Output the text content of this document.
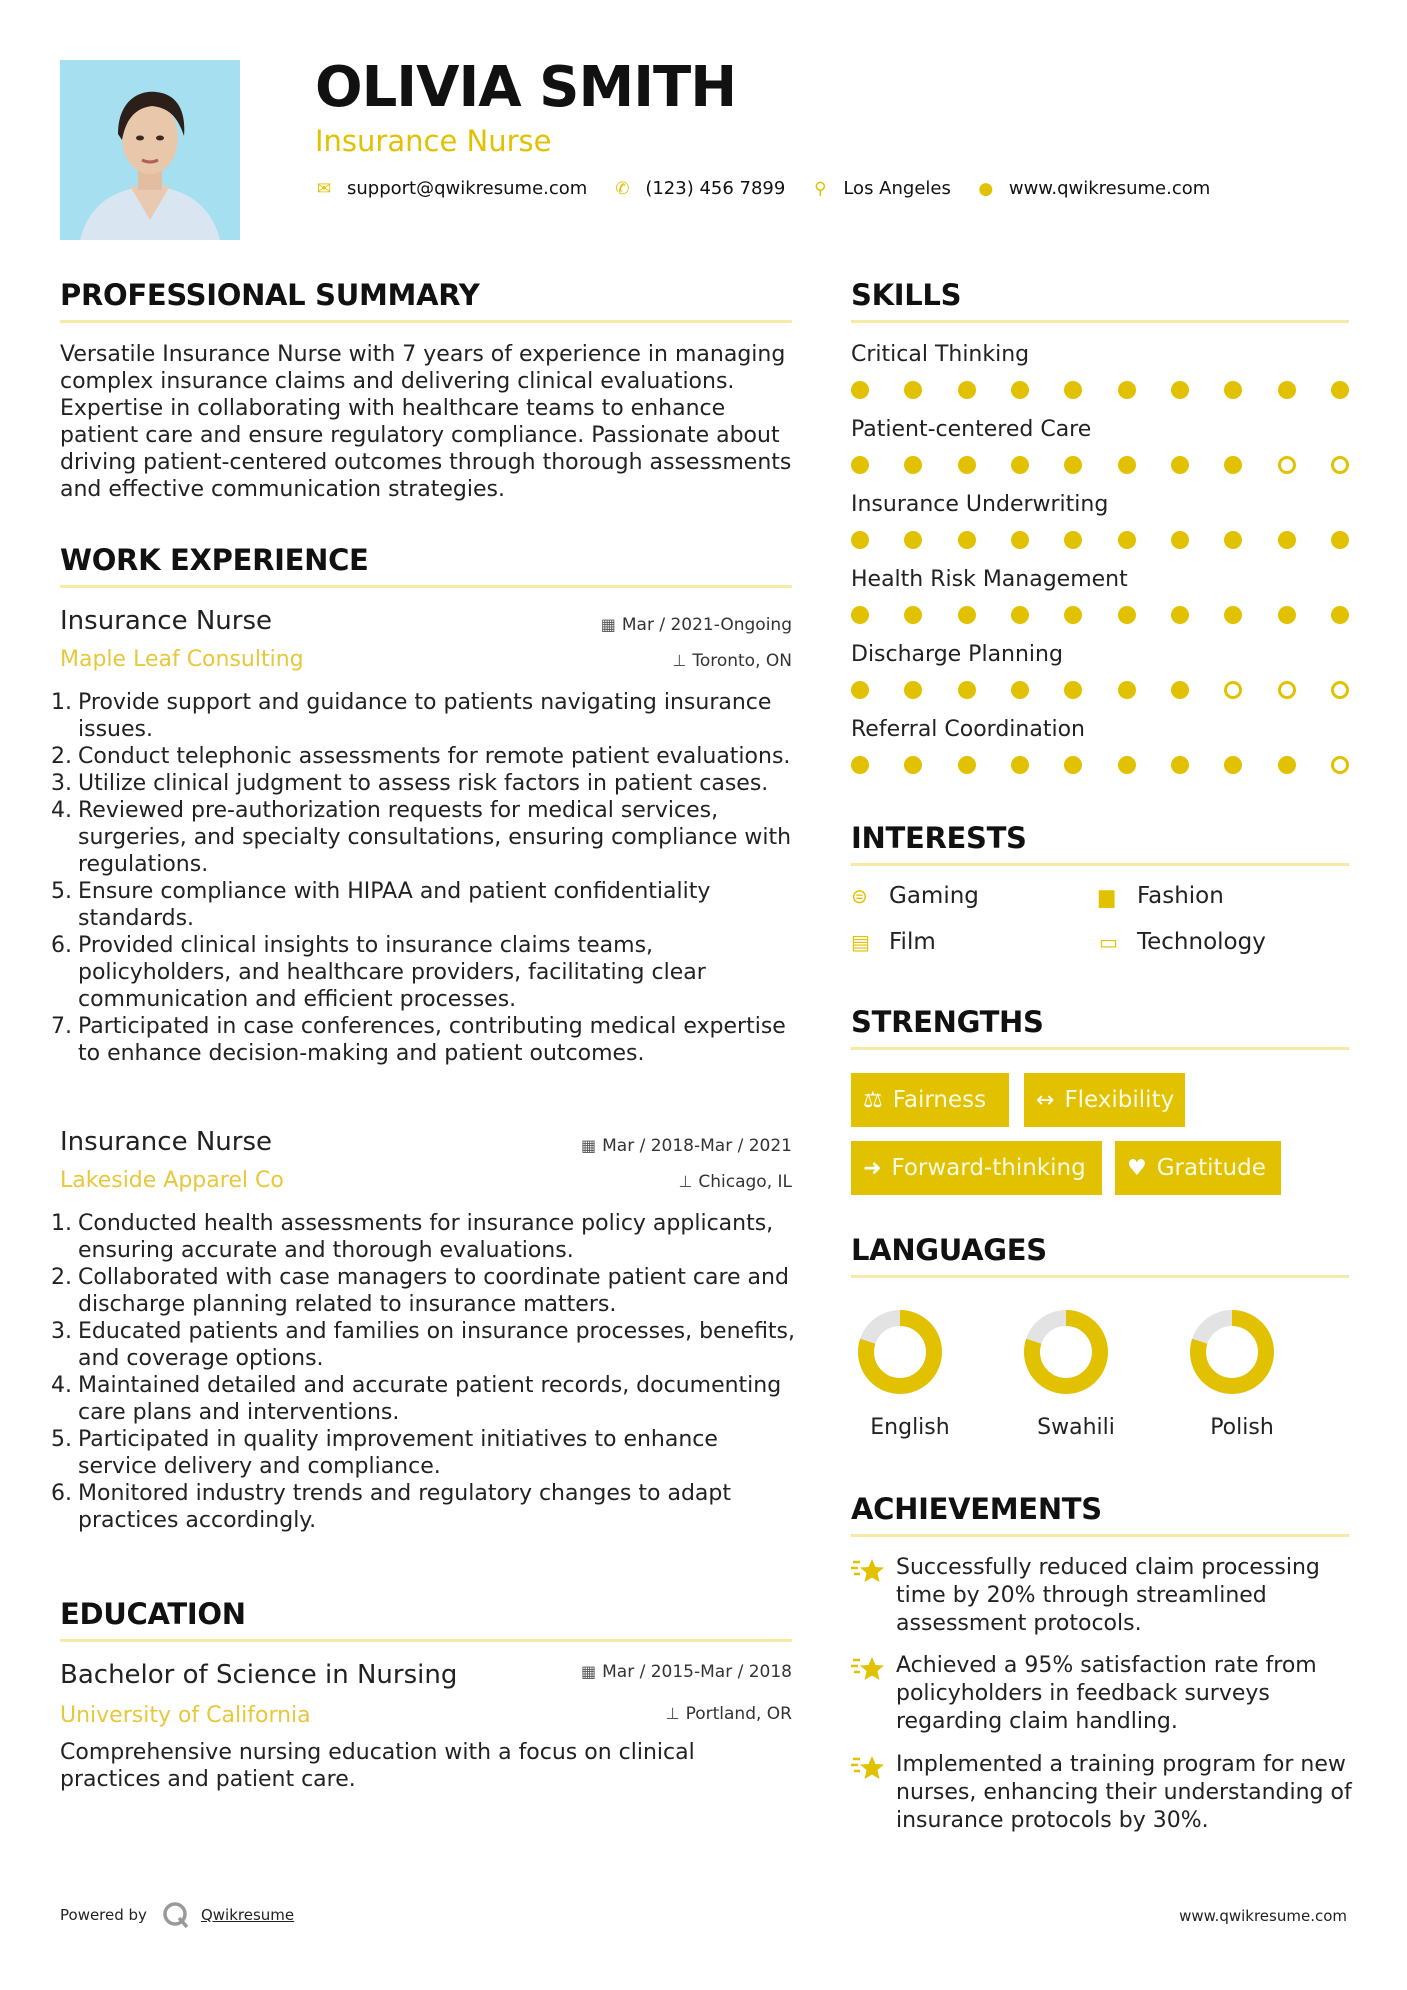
OLIVIA SMITH
Insurance Nurse
✉ support@qwikresume.com ✆ (123) 456 7899 ⚲ Los Angeles ● www.qwikresume.com
PROFESSIONAL SUMMARY
Versatile Insurance Nurse with 7 years of experience in managing complex insurance claims and delivering clinical evaluations. Expertise in collaborating with healthcare teams to enhance patient care and ensure regulatory compliance. Passionate about driving patient-centered outcomes through thorough assessments and effective communication strategies.
WORK EXPERIENCE
Insurance Nurse	▦ Mar / 2021-Ongoing
Maple Leaf Consulting	⊥ Toronto, ON
1. Provide support and guidance to patients navigating insurance issues.
2. Conduct telephonic assessments for remote patient evaluations.
3. Utilize clinical judgment to assess risk factors in patient cases.
4. Reviewed pre-authorization requests for medical services, surgeries, and specialty consultations, ensuring compliance with regulations.
5. Ensure compliance with HIPAA and patient confidentiality standards.
6. Provided clinical insights to insurance claims teams, policyholders, and healthcare providers, facilitating clear communication and efficient processes.
7. Participated in case conferences, contributing medical expertise to enhance decision-making and patient outcomes.
Insurance Nurse	▦ Mar / 2018-Mar / 2021
Lakeside Apparel Co	⊥ Chicago, IL
1. Conducted health assessments for insurance policy applicants, ensuring accurate and thorough evaluations.
2. Collaborated with case managers to coordinate patient care and discharge planning related to insurance matters.
3. Educated patients and families on insurance processes, benefits, and coverage options.
4. Maintained detailed and accurate patient records, documenting care plans and interventions.
5. Participated in quality improvement initiatives to enhance service delivery and compliance.
6. Monitored industry trends and regulatory changes to adapt practices accordingly.
EDUCATION
Bachelor of Science in Nursing	▦ Mar / 2015-Mar / 2018
University of California	⊥ Portland, OR
Comprehensive nursing education with a focus on clinical practices and patient care.
SKILLS
Critical Thinking
Patient-centered Care
Insurance Underwriting
Health Risk Management
Discharge Planning
Referral Coordination
INTERESTS
⊜ Gaming	▆ Fashion
▤ Film	▭ Technology
STRENGTHS
⚖ Fairness ↔ Flexibility
➜ Forward-thinking ♥ Gratitude
LANGUAGES
English	Swahili	Polish
ACHIEVEMENTS
Successfully reduced claim processing time by 20% through streamlined assessment protocols.
Achieved a 95% satisfaction rate from policyholders in feedback surveys regarding claim handling.
Implemented a training program for new nurses, enhancing their understanding of insurance protocols by 30%.
Powered by	Qwikresume	www.qwikresume.com
